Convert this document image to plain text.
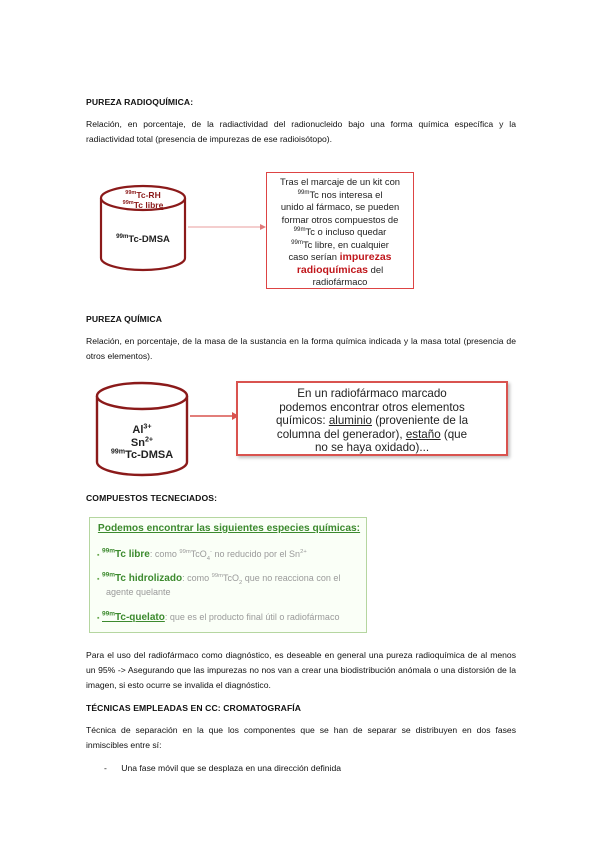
PUREZA RADIOQUÍMICA:
Relación, en porcentaje, de la radiactividad del radionucleido bajo una forma química específica y la radiactividad total (presencia de impurezas de ese radioisótopo).
$^{99m}$Tc-RH
$^{99m}$Tc libre
$^{99m}$Tc-DMSA
Tras el marcaje de un kit con
$^{99m}$Tc nos interesa el
unido al fármaco, se pueden
formar otros compuestos de
$^{99m}$Tc o incluso quedar
$^{99m}$Tc libre, en cualquier
caso serían impurezas
radioquímicas del
radiofármaco
PUREZA QUÍMICA
Relación, en porcentaje, de la masa de la sustancia en la forma química indicada y la masa total (presencia de otros elementos).
$Al^{3+}$
$Sn^{2+}$
$^{99m}$Tc-DMSA
En un radiofármaco marcado
podemos encontrar otros elementos
químicos: aluminio (proveniente de la
columna del generador), estaño (que
no se haya oxidado)...
COMPUESTOS TECNECIADOS:
Podemos encontrar las siguientes especies químicas:
▪ $^{99m}$Tc libre: como $^{99m}$TcO$_4$- no reducido por el $Sn^{2+}$
▪ $^{99m}$Tc hidrolizado: como $^{99m}$TcO$_2$ que no reacciona con el
agente quelante
▪ $^{99m}$Tc-quelato: que es el producto final útil o radiofármaco
Para el uso del radiofármaco como diagnóstico, es deseable en general una pureza radioquímica de al menos un 95% -> Asegurando que las impurezas no nos van a crear una biodistribución anómala o una distorsión de la imagen, si esto ocurre se invalida el diagnóstico.
TÉCNICAS EMPLEADAS EN CC: CROMATOGRAFÍA
Técnica de separación en la que los componentes que se han de separar se distribuyen en dos fases inmiscibles entre sí:
- Una fase móvil que se desplaza en una dirección definida
